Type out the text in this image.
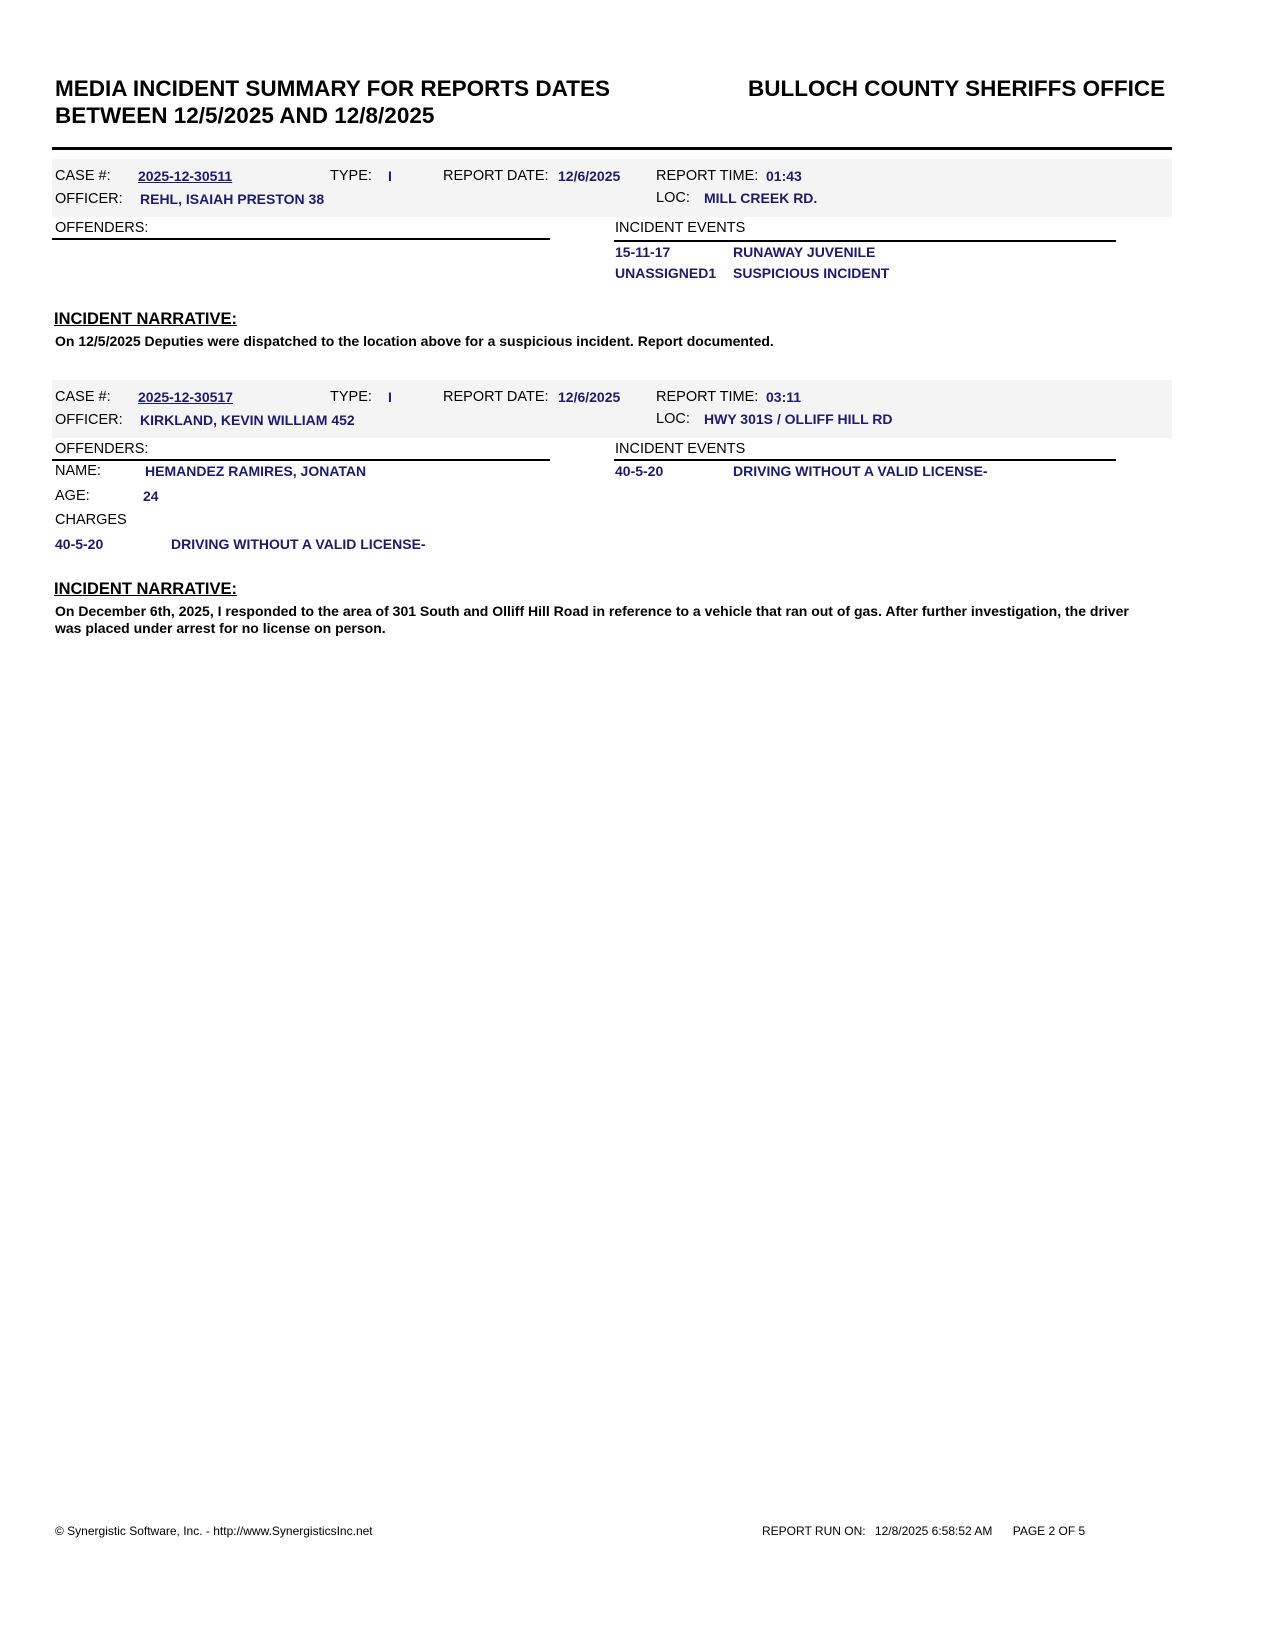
MEDIA INCIDENT SUMMARY FOR REPORTS DATES
BETWEEN 12/5/2025 AND 12/8/2025
BULLOCH COUNTY SHERIFFS OFFICE
CASE #: 2025-12-30511	TYPE: I	REPORT DATE: 12/6/2025 REPORT TIME: 01:43
OFFICER: REHL, ISAIAH PRESTON 38	LOC: MILL CREEK RD.
OFFENDERS:	INCIDENT EVENTS
15-11-17	RUNAWAY JUVENILE
UNASSIGNED1 SUSPICIOUS INCIDENT
INCIDENT NARRATIVE:
On 12/5/2025 Deputies were dispatched to the location above for a suspicious incident. Report documented.
CASE #: 2025-12-30517	TYPE: I	REPORT DATE: 12/6/2025 REPORT TIME: 03:11
OFFICER: KIRKLAND, KEVIN WILLIAM 452	LOC: HWY 301S / OLLIFF HILL RD
OFFENDERS:	INCIDENT EVENTS
NAME:	HEMANDEZ RAMIRES, JONATAN	40-5-20	DRIVING WITHOUT A VALID LICENSE-
AGE:	24
CHARGES
40-5-20	DRIVING WITHOUT A VALID LICENSE-
INCIDENT NARRATIVE:
On December 6th, 2025, I responded to the area of 301 South and Olliff Hill Road in reference to a vehicle that ran out of gas. After further investigation, the driver was placed under arrest for no license on person.
© Synergistic Software, Inc. - http://www.SynergisticsInc.net	REPORT RUN ON: 12/8/2025 6:58:52 AM PAGE 2 OF 5
